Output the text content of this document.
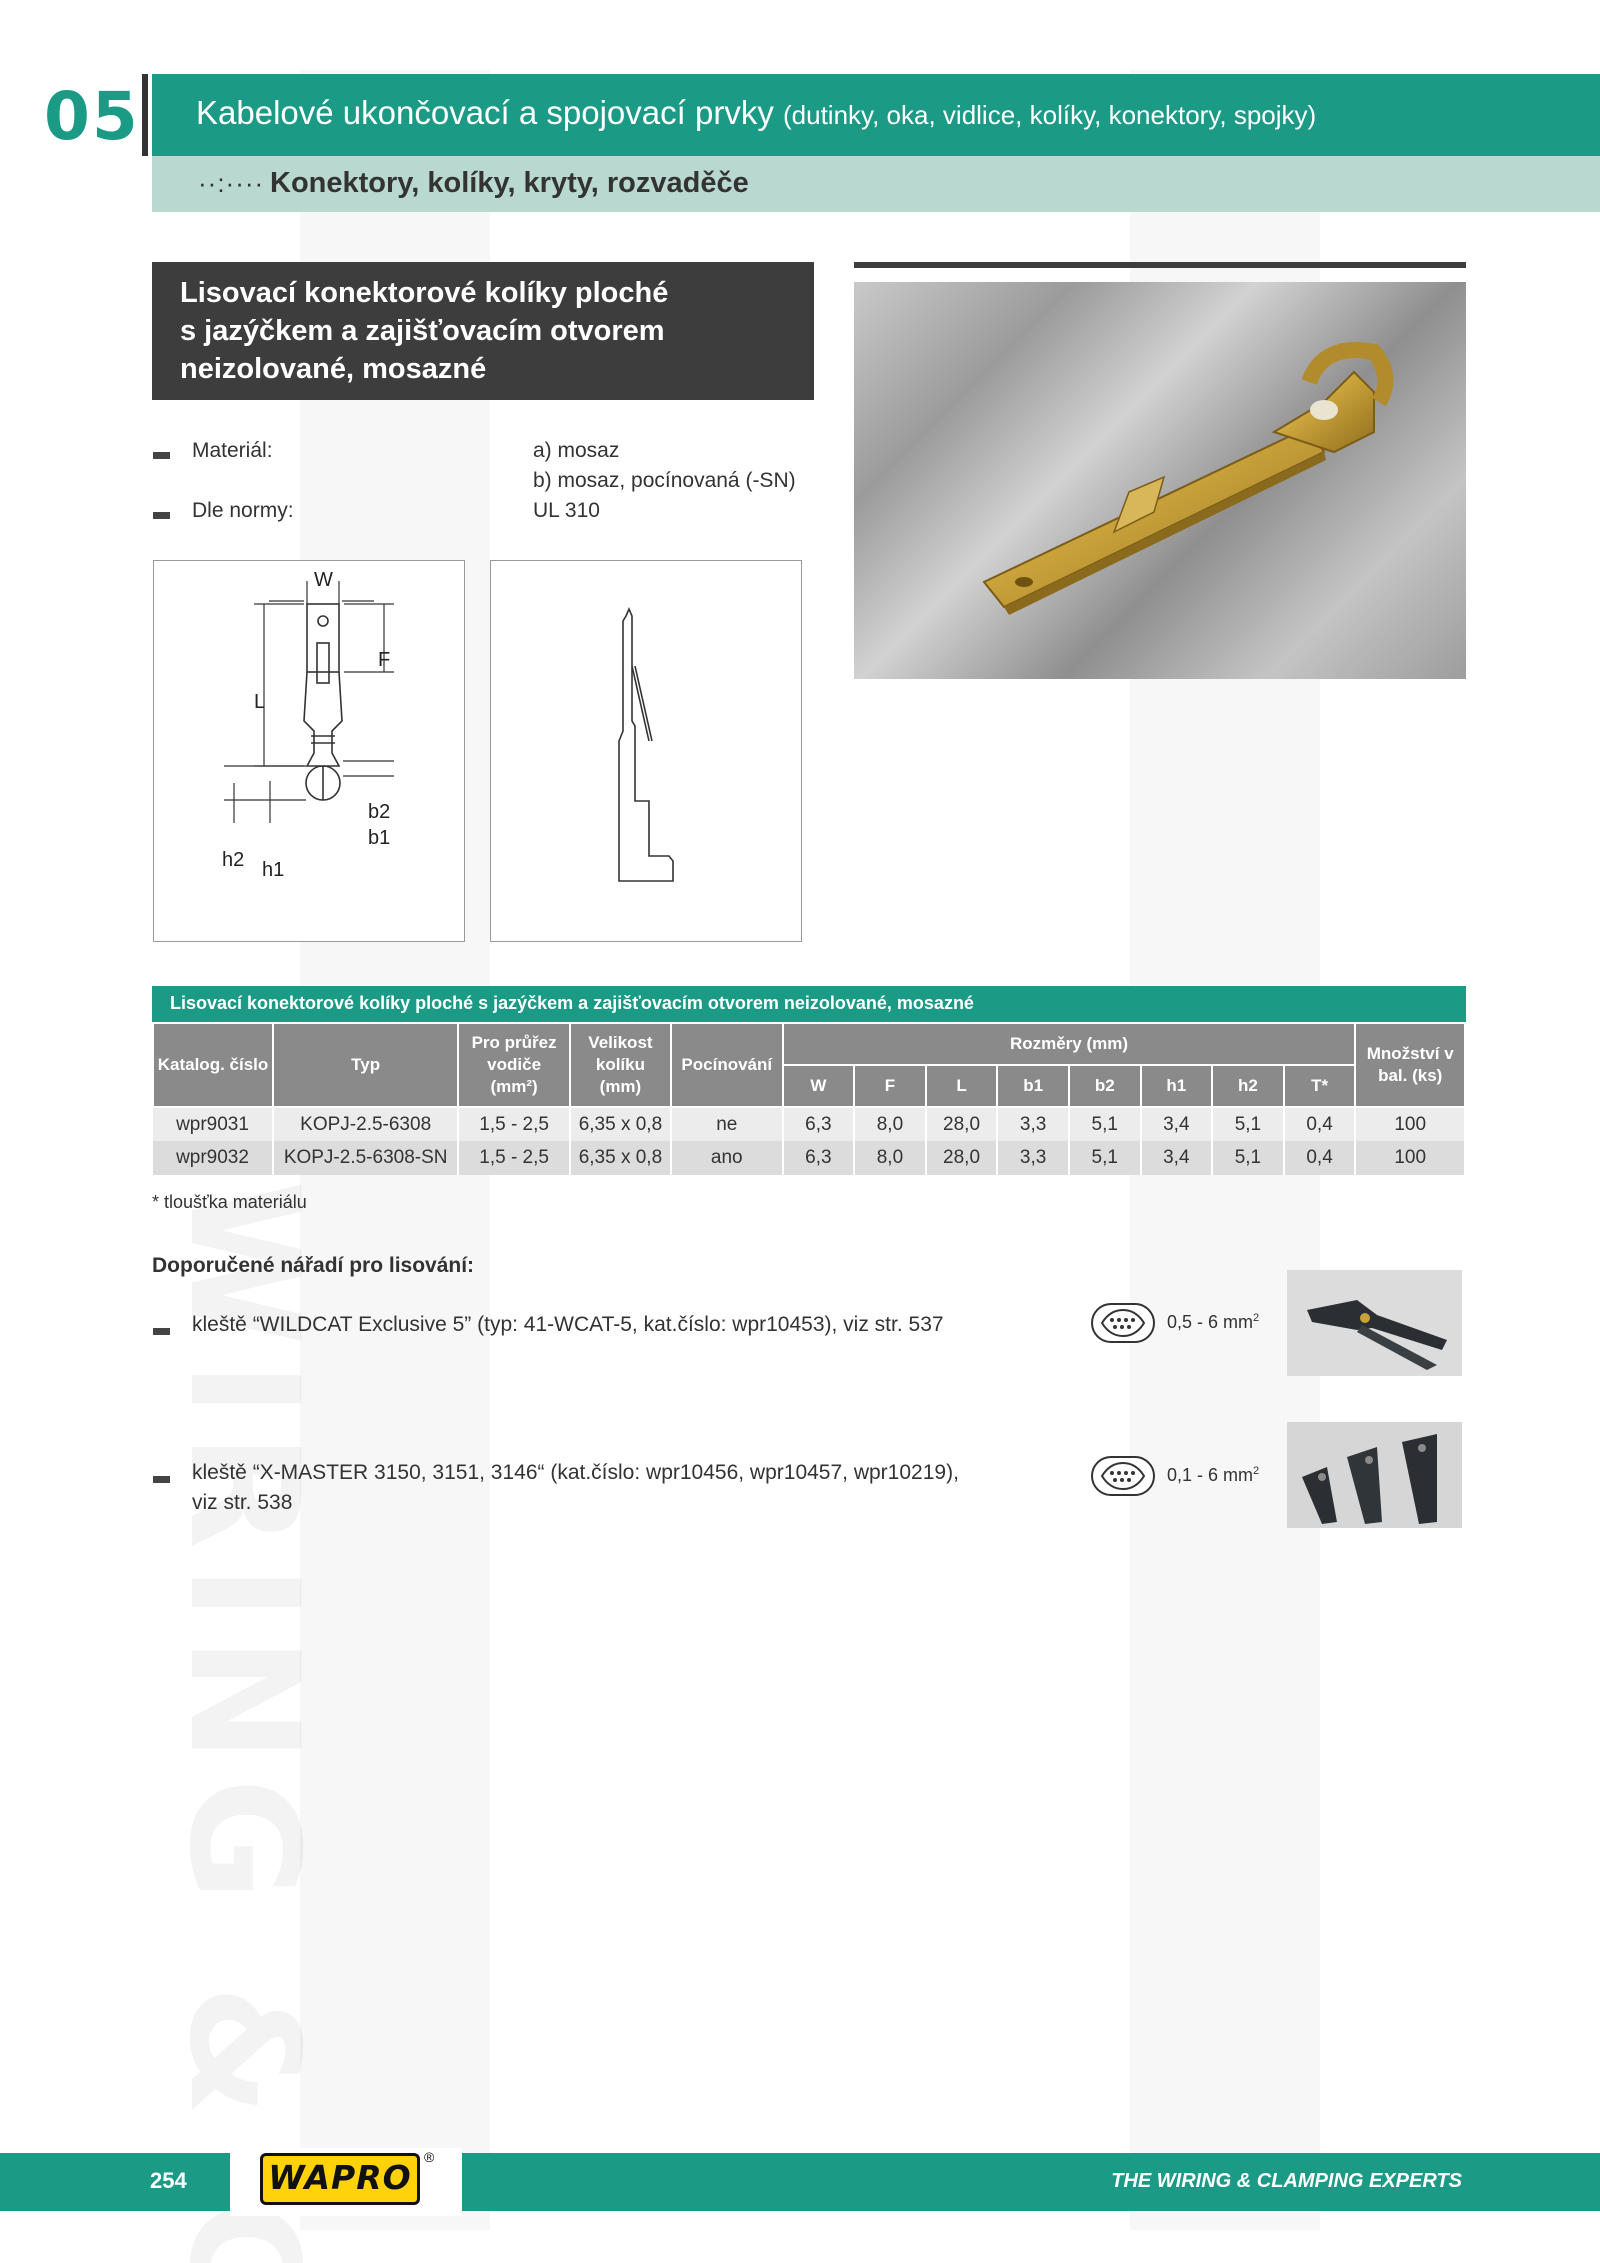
05 Kabelové ukončovací a spojovací prvky (dutinky, oka, vidlice, kolíky, konektory, spojky)
··:···· Konektory, kolíky, kryty, rozvaděče
Lisovací konektorové kolíky ploché
s jazýčkem a zajišťovacím otvorem
neizolované, mosazné
Materiál:	a) mosaz
b) mosaz, pocínovaná (-SN)
Dle normy:	UL 310
W
F
L
b2
b1
h2 h1
Lisovací konektorové kolíky ploché s jazýčkem a zajišťovacím otvorem neizolované, mosazné
Katalog. číslo	Typ	Pro průřez vodiče (mm²)	Velikost kolíku (mm)	Pocínování	Rozměry (mm)								Množství v bal. (ks)
					W	F	L	b1	b2	h1	h2	T*	
wpr9031	KOPJ-2.5-6308	1,5 - 2,5	6,35 x 0,8	ne	6,3	8,0	28,0	3,3	5,1	3,4	5,1	0,4	100
wpr9032	KOPJ-2.5-6308-SN	1,5 - 2,5	6,35 x 0,8	ano	6,3	8,0	28,0	3,3	5,1	3,4	5,1	0,4	100
* tloušťka materiálu
Doporučené nářadí pro lisování:
kleště “WILDCAT Exclusive 5” (typ: 41-WCAT-5, kat.číslo: wpr10453), viz str. 537	0,5 - 6 $mm^2$
kleště “X-MASTER 3150, 3151, 3146“ (kat.číslo: wpr10456, wpr10457, wpr10219),
viz str. 538
0,1 - 6 $mm^2$
254 WAPRO
®
THE WIRING & CLAMPING EXPERTS
